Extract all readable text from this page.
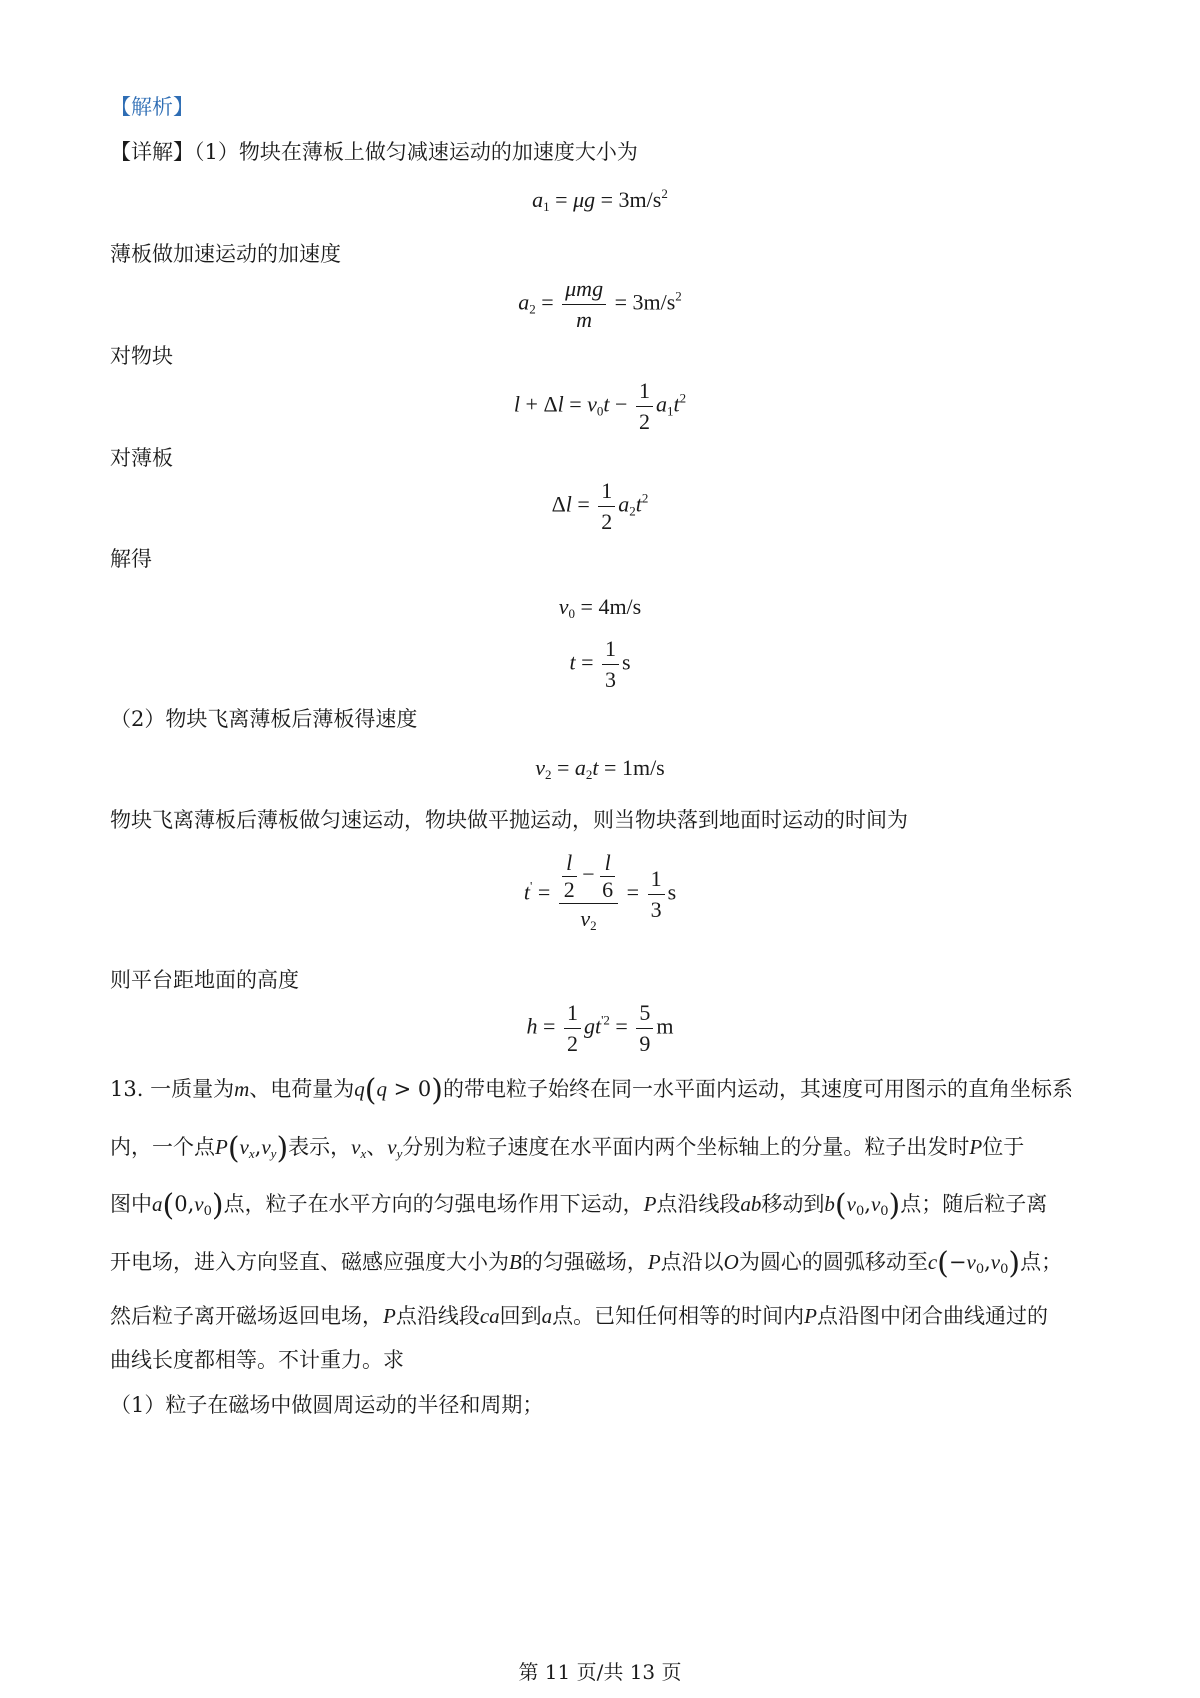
【解析】
【详解】（1）物块在薄板上做匀减速运动的加速度大小为
$a_1 = \mu g = 3m/s^2$
薄板做加速运动的加速度
$a_2 = \frac{\text{μmg}}{m} = 3m/s^2$
对物块
$l + \Delta l = v_0t - \frac{1}{2} a_1t^2$
对薄板
$\Delta l = \frac{1}{2} a_2t^2$
解得
$v_0 = 4m/s$
$t = \frac{1}{3}$ s
（2）物块飞离薄板后薄板得速度
$v_2 = a_2t = 1m/s$
物块飞离薄板后薄板做匀速运动，物块做平抛运动，则当物块落到地面时运动的时间为
$t' = \frac{\frac{l}{2} - \frac{l}{6}}{v_2} = \frac{1}{3}$ s
则平台距地面的高度
$h = \frac{1}{2} gt^{'2} = \frac{5}{9}$ m
13. 一质量为m、电荷量为q(q > 0)的带电粒子始终在同一水平面内运动，其速度可用图示的直角坐标系
内，一个点$P(v_x,v_y)$表示，$v_x$、$v_y$分别为粒子速度在水平面内两个坐标轴上的分量。粒子出发时P位于
图中$a(0,v_0)$点，粒子在水平方向的匀强电场作用下运动，P点沿线段ab移动到$b(v_0,v_0)$点；随后粒子离
开电场，进入方向竖直、磁感应强度大小为B的匀强磁场，P点沿以O为圆心的圆弧移动至$c(-v_0,v_0)$点；
然后粒子离开磁场返回电场，P点沿线段ca回到a点。已知任何相等的时间内P点沿图中闭合曲线通过的
曲线长度都相等。不计重力。求
（1）粒子在磁场中做圆周运动的半径和周期；
第 11 页/共 13 页
